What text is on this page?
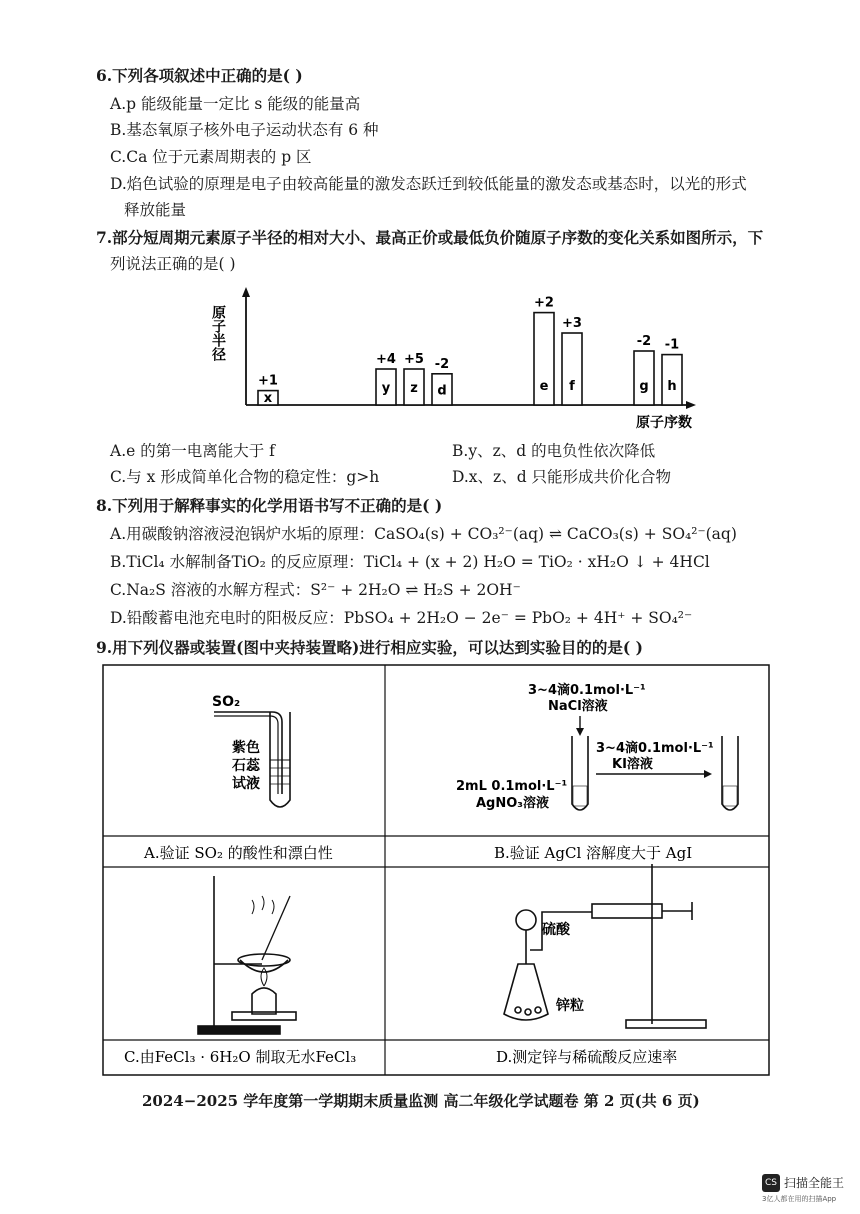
6.下列各项叙述中正确的是( )
A.p 能级能量一定比 s 能级的能量高
B.基态氧原子核外电子运动状态有 6 种
C.Ca 位于元素周期表的 p 区
D.焰色试验的原理是电子由较高能量的激发态跃迁到较低能量的激发态或基态时，以光的形式
释放能量
7.部分短周期元素原子半径的相对大小、最高正价或最低负价随原子序数的变化关系如图所示，下
列说法正确的是( )
原子半径
原子序数
x
+1	y
+4
z
+5
d
-2
e
+2
f
+3
g
-2
h
-1
A.e 的第一电离能大于 f	B.y、z、d 的电负性依次降低
C.与 x 形成简单化合物的稳定性：g>h	D.x、z、d 只能形成共价化合物
8.下列用于解释事实的化学用语书写不正确的是( )
A.用碳酸钠溶液浸泡锅炉水垢的原理：CaSO₄(s) + CO₃²⁻(aq) ⇌ CaCO₃(s) + SO₄²⁻(aq)
B.TiCl₄ 水解制备TiO₂ 的反应原理：TiCl₄ + (x + 2) H₂O = TiO₂ · xH₂O ↓ + 4HCl
C.Na₂S 溶液的水解方程式：S²⁻ + 2H₂O ⇌ H₂S + 2OH⁻
D.铅酸蓄电池充电时的阳极反应：PbSO₄ + 2H₂O − 2e⁻ = PbO₂ + 4H⁺ + SO₄²⁻
9.用下列仪器或装置(图中夹持装置略)进行相应实验，可以达到实验目的的是( )
SO₂
紫色
石蕊
试液
A.验证 SO₂ 的酸性和漂白性
3~4滴0.1mol·L⁻¹
NaCl溶液
3~4滴0.1mol·L⁻¹
KI溶液
2mL 0.1mol·L⁻¹
AgNO₃溶液
B.验证 AgCl 溶解度大于 AgI
C.由FeCl₃ · 6H₂O 制取无水FeCl₃
硫酸
锌粒
D.测定锌与稀硫酸反应速率
2024−2025 学年度第一学期期末质量监测 高二年级化学试题卷 第 2 页(共 6 页)
CS 扫描全能王
3亿人都在用的扫描App
